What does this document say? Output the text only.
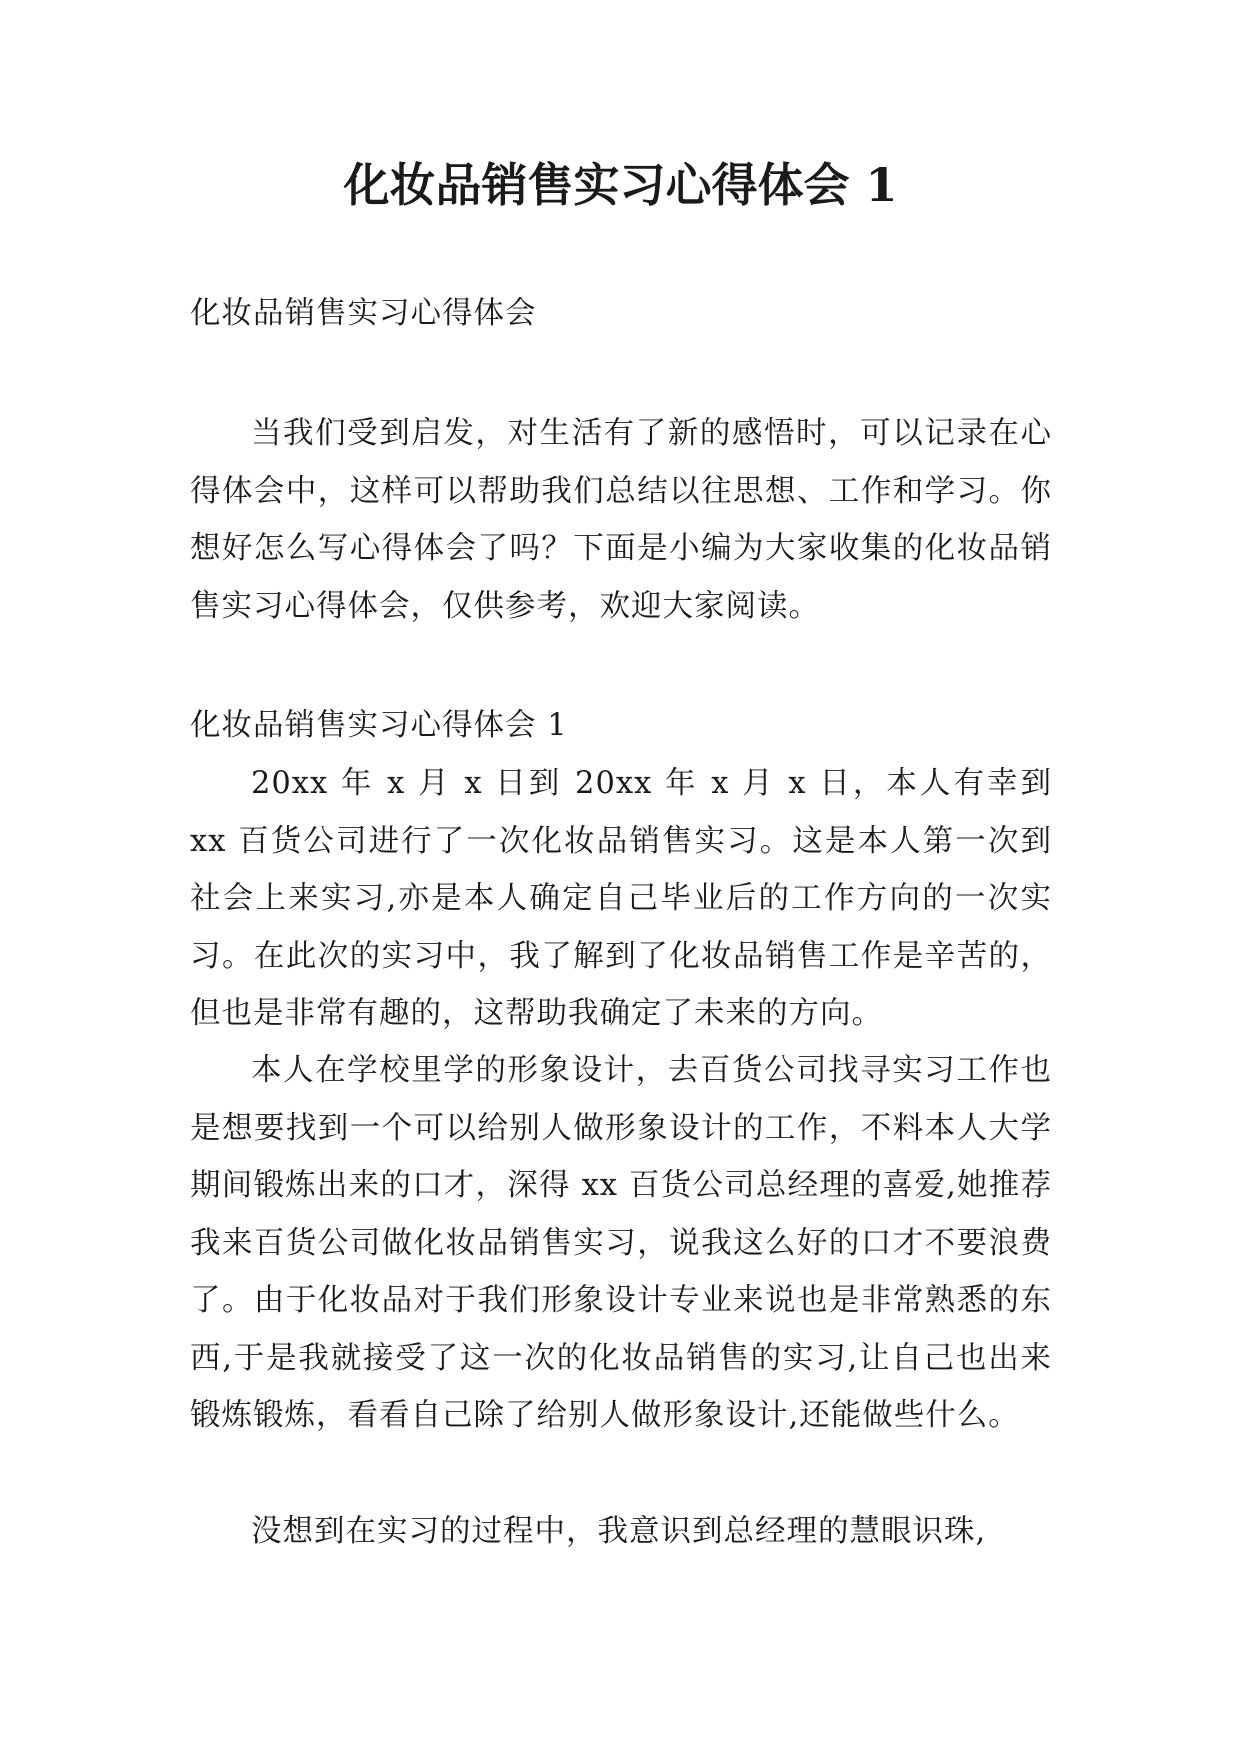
化妆品销售实习心得体会 1

化妆品销售实习心得体会

当我们受到启发，对生活有了新的感悟时，可以记录在心得体会中，这样可以帮助我们总结以往思想、工作和学习。你想好怎么写心得体会了吗？下面是小编为大家收集的化妆品销售实习心得体会，仅供参考，欢迎大家阅读。

化妆品销售实习心得体会 1

20xx 年 x 月 x 日到 20xx 年 x 月 x 日，本人有幸到 xx 百货公司进行了一次化妆品销售实习。这是本人第一次到社会上来实习,亦是本人确定自己毕业后的工作方向的一次实习。在此次的实习中，我了解到了化妆品销售工作是辛苦的，但也是非常有趣的，这帮助我确定了未来的方向。

本人在学校里学的形象设计，去百货公司找寻实习工作也是想要找到一个可以给别人做形象设计的工作，不料本人大学期间锻炼出来的口才，深得 xx 百货公司总经理的喜爱,她推荐我来百货公司做化妆品销售实习，说我这么好的口才不要浪费了。由于化妆品对于我们形象设计专业来说也是非常熟悉的东西,于是我就接受了这一次的化妆品销售的实习,让自己也出来锻炼锻炼，看看自己除了给别人做形象设计,还能做些什么。

没想到在实习的过程中，我意识到总经理的慧眼识珠,
